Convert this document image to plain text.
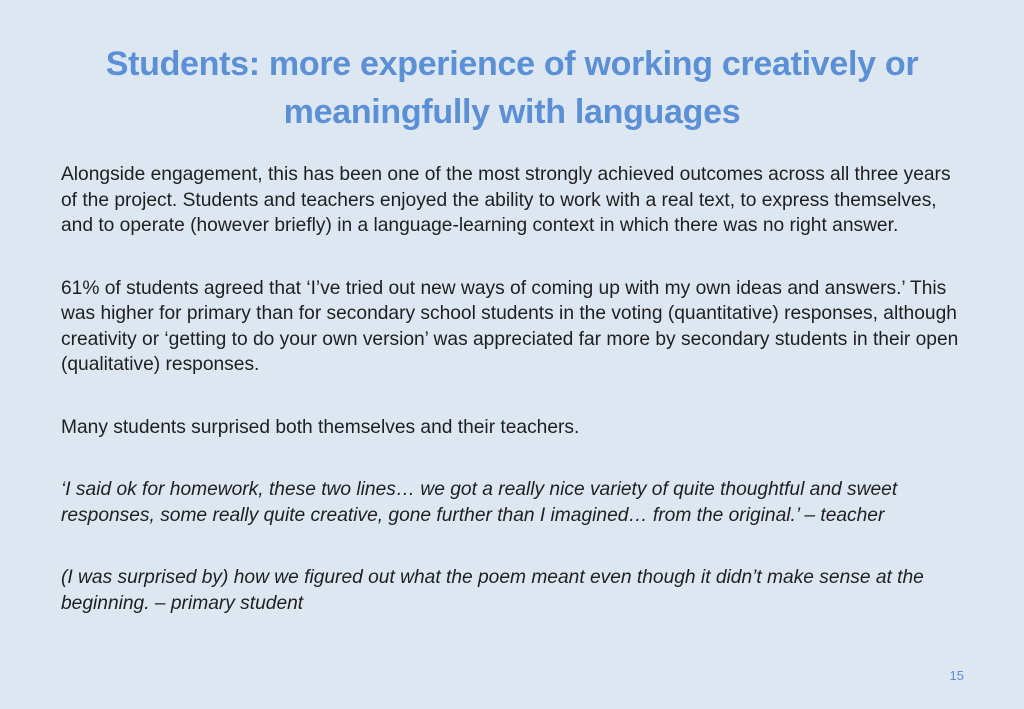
Students: more experience of working creatively or
meaningfully with languages

Alongside engagement, this has been one of the most strongly achieved outcomes across all three years of the project. Students and teachers enjoyed the ability to work with a real text, to express themselves, and to operate (however briefly) in a language-learning context in which there was no right answer.

61% of students agreed that ‘I’ve tried out new ways of coming up with my own ideas and answers.’ This was higher for primary than for secondary school students in the voting (quantitative) responses, although creativity or ‘getting to do your own version’ was appreciated far more by secondary students in their open (qualitative) responses.

Many students surprised both themselves and their teachers.

‘I said ok for homework, these two lines… we got a really nice variety of quite thoughtful and sweet responses, some really quite creative, gone further than I imagined… from the original.’ – teacher

(I was surprised by) how we figured out what the poem meant even though it didn’t make sense at the beginning. – primary student

15
